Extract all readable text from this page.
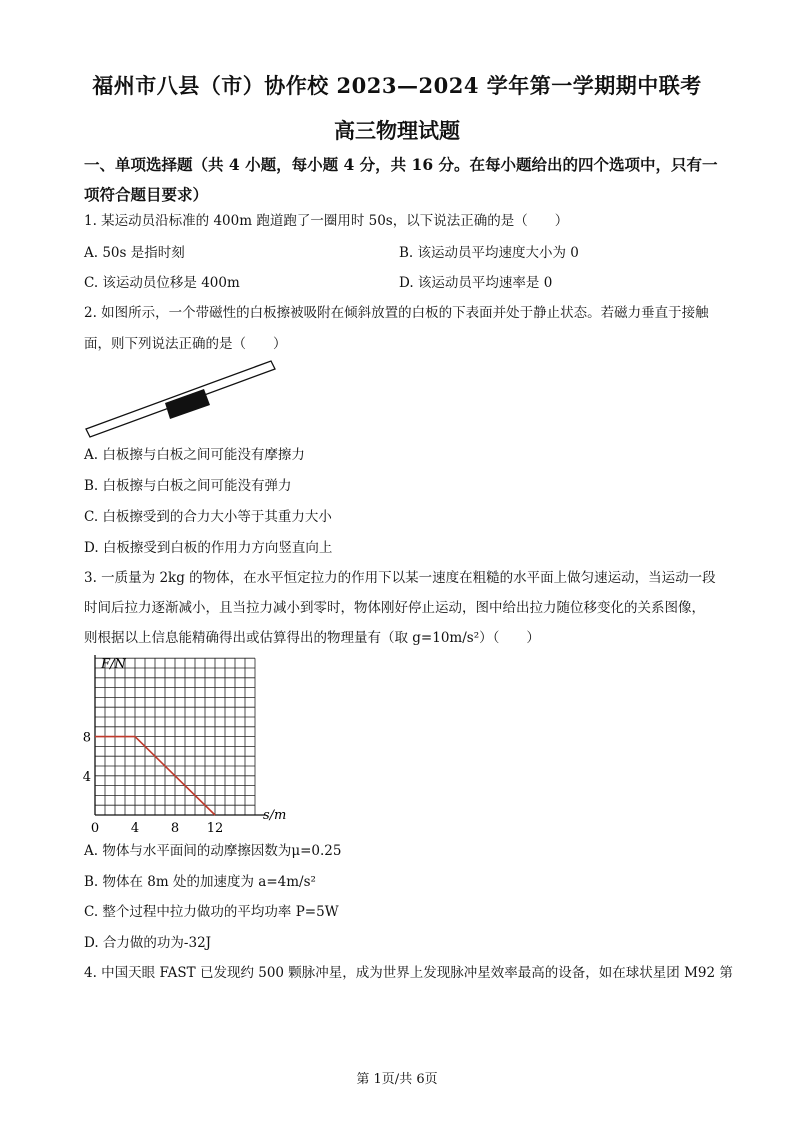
福州市八县（市）协作校 2023—2024 学年第一学期期中联考
高三物理试题
一、单项选择题（共 4 小题，每小题 4 分，共 16 分。在每小题给出的四个选项中，只有一项符合题目要求）
1. 某运动员沿标准的 400m 跑道跑了一圈用时 50s，以下说法正确的是（　　）
A. 50s 是指时刻	B. 该运动员平均速度大小为 0
C. 该运动员位移是 400m	D. 该运动员平均速率是 0
2. 如图所示，一个带磁性的白板擦被吸附在倾斜放置的白板的下表面并处于静止状态。若磁力垂直于接触
面，则下列说法正确的是（　　）
A. 白板擦与白板之间可能没有摩擦力
B. 白板擦与白板之间可能没有弹力
C. 白板擦受到的合力大小等于其重力大小
D. 白板擦受到白板的作用力方向竖直向上
3. 一质量为 2kg 的物体，在水平恒定拉力的作用下以某一速度在粗糙的水平面上做匀速运动，当运动一段
时间后拉力逐渐减小，且当拉力减小到零时，物体刚好停止运动，图中给出拉力随位移变化的关系图像，
则根据以上信息能精确得出或估算得出的物理量有（取 g=10m/s²）（　　）
F/N
s/m
0 4 8 12
4
8
A. 物体与水平面间的动摩擦因数为μ=0.25
B. 物体在 8m 处的加速度为 a=4m/s²
C. 整个过程中拉力做功的平均功率 P=5W
D. 合力做的功为-32J
4. 中国天眼 FAST 已发现约 500 颗脉冲星，成为世界上发现脉冲星效率最高的设备，如在球状星团 M92 第
第 1页/共 6页
